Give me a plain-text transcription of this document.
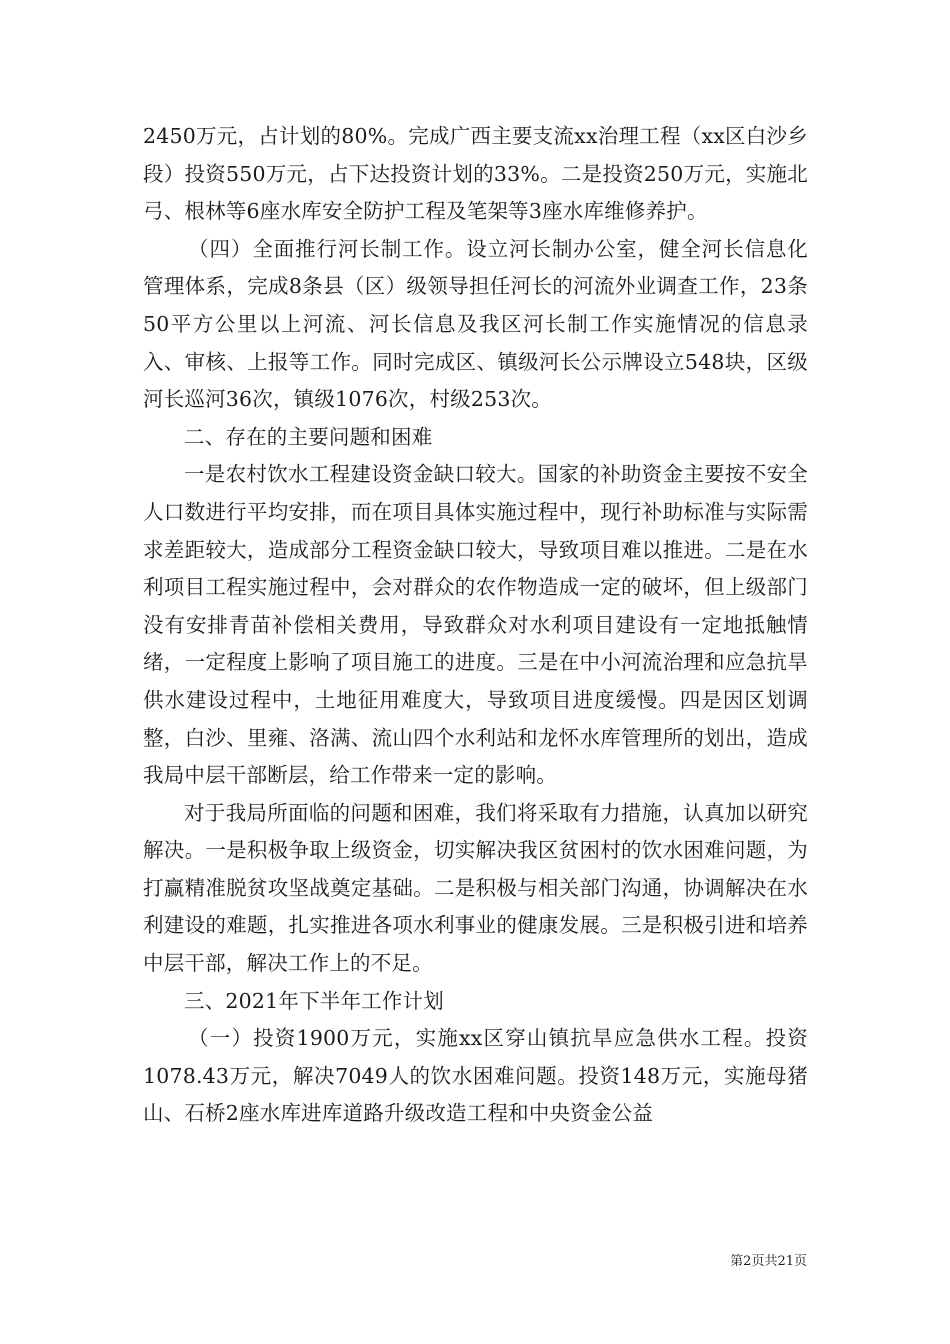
2450万元，占计划的80%。完成广西主要支流xx治理工程（xx区白沙乡段）投资550万元，占下达投资计划的33%。二是投资250万元，实施北弓、根林等6座水库安全防护工程及笔架等3座水库维修养护。

（四）全面推行河长制工作。设立河长制办公室，健全河长信息化管理体系，完成8条县（区）级领导担任河长的河流外业调查工作，23条50平方公里以上河流、河长信息及我区河长制工作实施情况的信息录入、审核、上报等工作。同时完成区、镇级河长公示牌设立548块，区级河长巡河36次，镇级1076次，村级253次。

二、存在的主要问题和困难

一是农村饮水工程建设资金缺口较大。国家的补助资金主要按不安全人口数进行平均安排，而在项目具体实施过程中，现行补助标准与实际需求差距较大，造成部分工程资金缺口较大，导致项目难以推进。二是在水利项目工程实施过程中，会对群众的农作物造成一定的破坏，但上级部门没有安排青苗补偿相关费用，导致群众对水利项目建设有一定地抵触情绪，一定程度上影响了项目施工的进度。三是在中小河流治理和应急抗旱供水建设过程中，土地征用难度大，导致项目进度缓慢。四是因区划调整，白沙、里雍、洛满、流山四个水利站和龙怀水库管理所的划出，造成我局中层干部断层，给工作带来一定的影响。

对于我局所面临的问题和困难，我们将采取有力措施，认真加以研究解决。一是积极争取上级资金，切实解决我区贫困村的饮水困难问题，为打赢精准脱贫攻坚战奠定基础。二是积极与相关部门沟通，协调解决在水利建设的难题，扎实推进各项水利事业的健康发展。三是积极引进和培养中层干部，解决工作上的不足。

三、2021年下半年工作计划

（一）投资1900万元，实施xx区穿山镇抗旱应急供水工程。投资1078.43万元，解决7049人的饮水困难问题。投资148万元，实施母猪山、石桥2座水库进库道路升级改造工程和中央资金公益

第2页共21页
